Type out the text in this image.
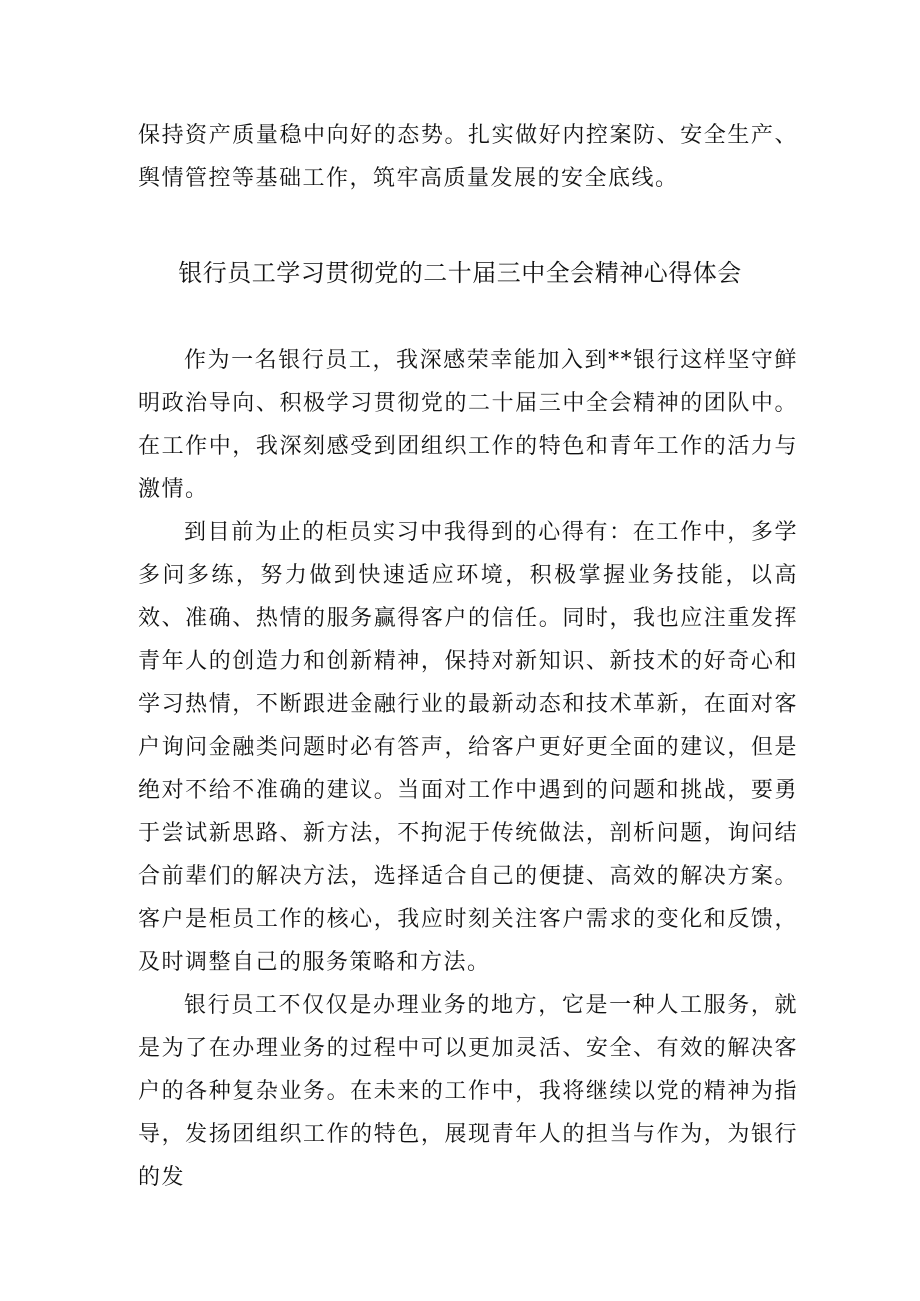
保持资产质量稳中向好的态势。扎实做好内控案防、安全生产、舆情管控等基础工作，筑牢高质量发展的安全底线。

银行员工学习贯彻党的二十届三中全会精神心得体会

作为一名银行员工，我深感荣幸能加入到**银行这样坚守鲜明政治导向、积极学习贯彻党的二十届三中全会精神的团队中。在工作中，我深刻感受到团组织工作的特色和青年工作的活力与激情。

到目前为止的柜员实习中我得到的心得有：在工作中，多学多问多练，努力做到快速适应环境，积极掌握业务技能，以高效、准确、热情的服务赢得客户的信任。同时，我也应注重发挥青年人的创造力和创新精神，保持对新知识、新技术的好奇心和学习热情，不断跟进金融行业的最新动态和技术革新，在面对客户询问金融类问题时必有答声，给客户更好更全面的建议，但是绝对不给不准确的建议。当面对工作中遇到的问题和挑战，要勇于尝试新思路、新方法，不拘泥于传统做法，剖析问题，询问结合前辈们的解决方法，选择适合自己的便捷、高效的解决方案。客户是柜员工作的核心，我应时刻关注客户需求的变化和反馈，及时调整自己的服务策略和方法。

银行员工不仅仅是办理业务的地方，它是一种人工服务，就是为了在办理业务的过程中可以更加灵活、安全、有效的解决客户的各种复杂业务。在未来的工作中，我将继续以党的精神为指导，发扬团组织工作的特色，展现青年人的担当与作为，为银行的发
